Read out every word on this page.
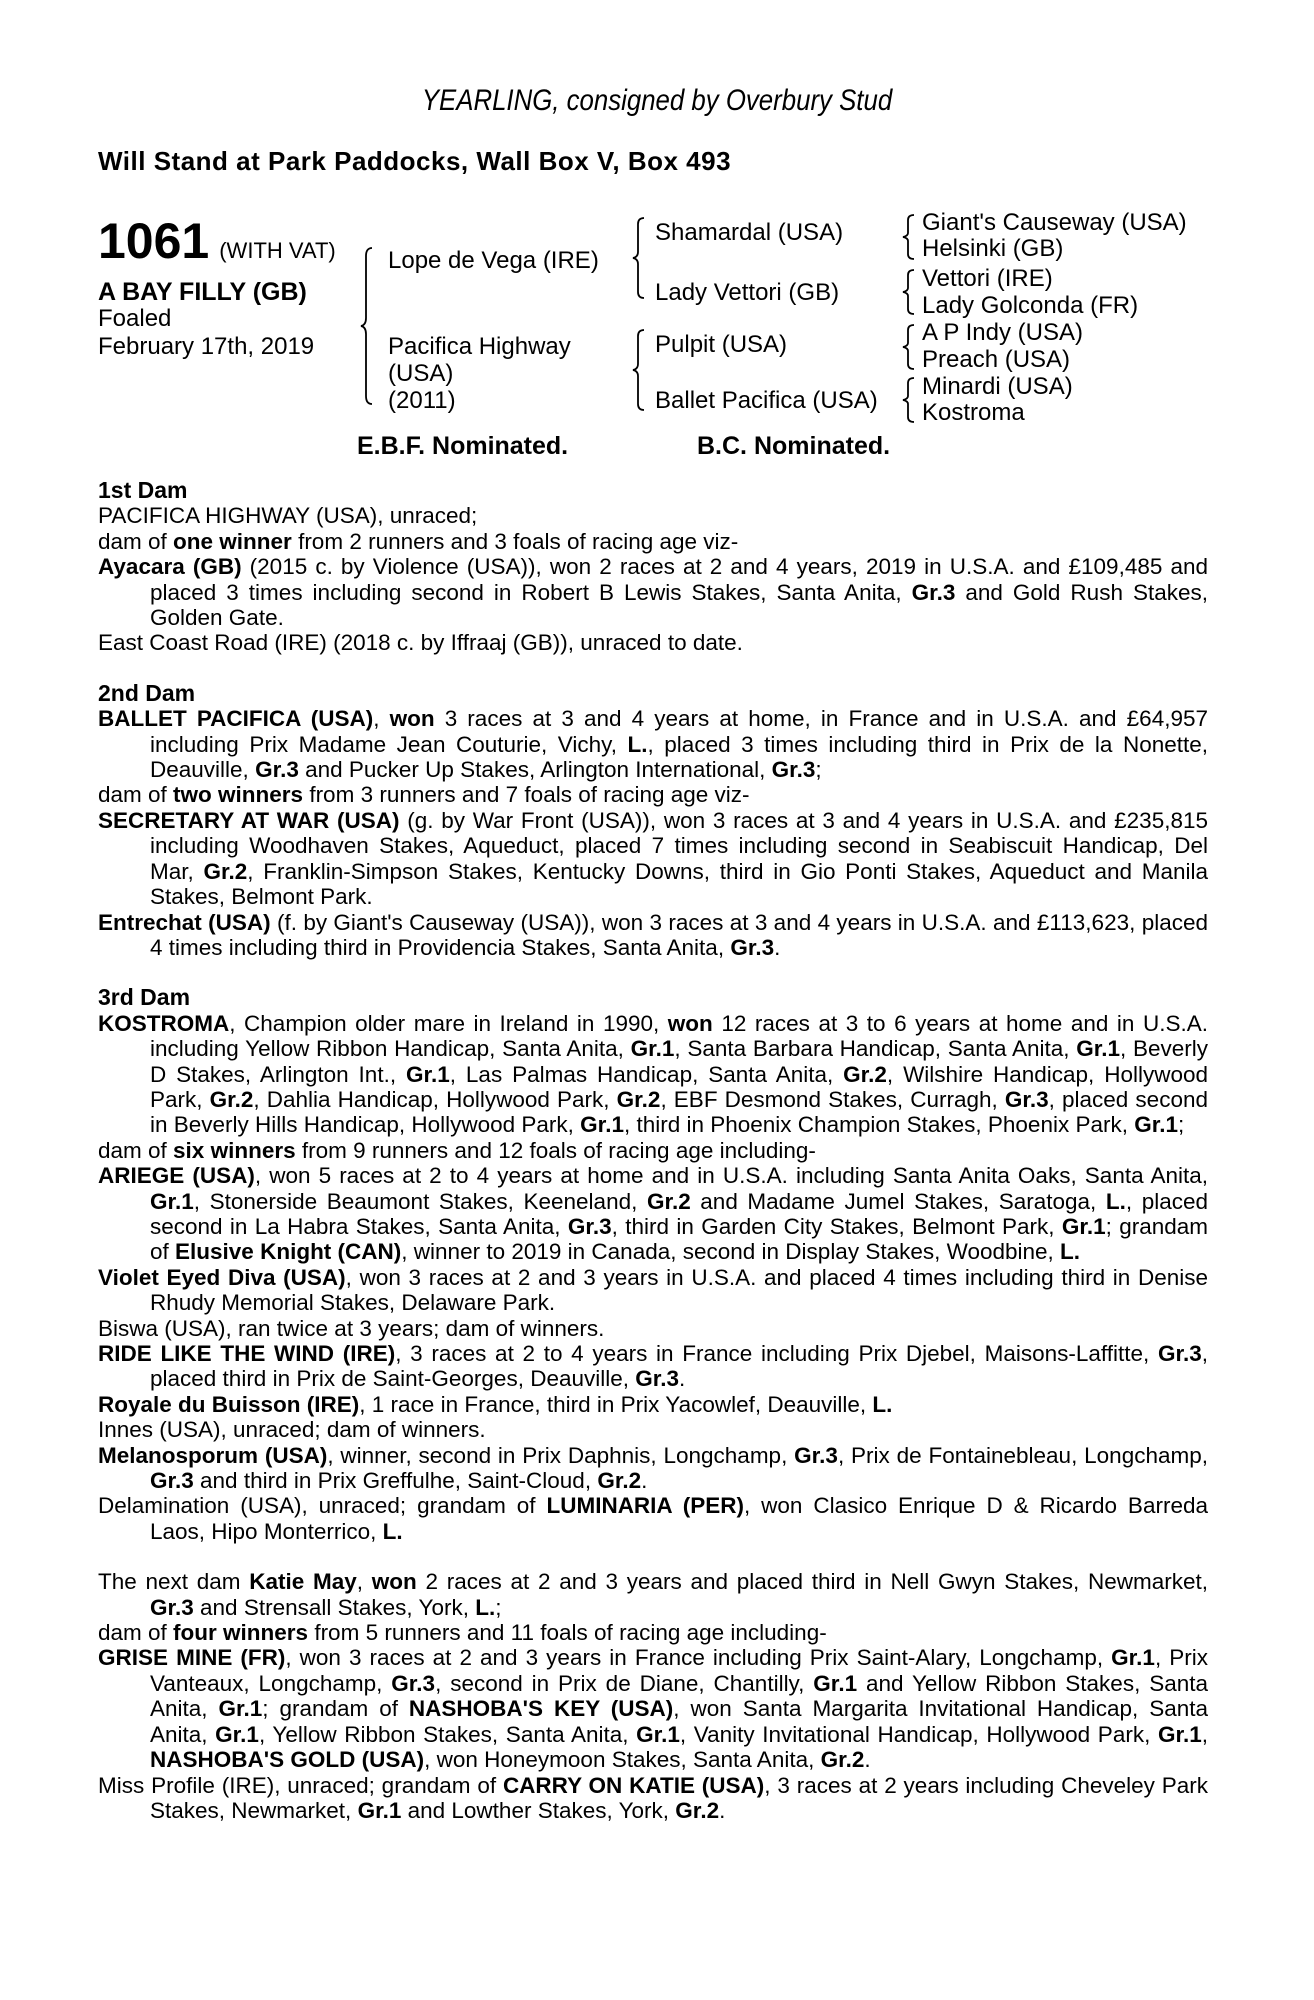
YEARLING, consigned by Overbury Stud
Will Stand at Park Paddocks, Wall Box V, Box 493
1061 (WITH VAT)
A BAY FILLY (GB)
Foaled
February 17th, 2019
Lope de Vega (IRE)
Pacifica Highway
(USA)
(2011)
E.B.F. Nominated.
Shamardal (USA)
Lady Vettori (GB)
Pulpit (USA)
Ballet Pacifica (USA)
B.C. Nominated.
Giant's Causeway (USA)
Helsinki (GB)
Vettori (IRE)
Lady Golconda (FR)
A P Indy (USA)
Preach (USA)
Minardi (USA)
Kostroma
1st Dam

PACIFICA HIGHWAY (USA), unraced;

dam of one winner from 2 runners and 3 foals of racing age viz-

Ayacara (GB) (2015 c. by Violence (USA)), won 2 races at 2 and 4 years, 2019 in U.S.A. and £109,485 and placed 3 times including second in Robert B Lewis Stakes, Santa Anita, Gr.3 and Gold Rush Stakes, Golden Gate.

East Coast Road (IRE) (2018 c. by Iffraaj (GB)), unraced to date.

2nd Dam

BALLET PACIFICA (USA), won 3 races at 3 and 4 years at home, in France and in U.S.A. and £64,957 including Prix Madame Jean Couturie, Vichy, L., placed 3 times including third in Prix de la Nonette, Deauville, Gr.3 and Pucker Up Stakes, Arlington International, Gr.3;

dam of two winners from 3 runners and 7 foals of racing age viz-

SECRETARY AT WAR (USA) (g. by War Front (USA)), won 3 races at 3 and 4 years in U.S.A. and £235,815 including Woodhaven Stakes, Aqueduct, placed 7 times including second in Seabiscuit Handicap, Del Mar, Gr.2, Franklin-Simpson Stakes, Kentucky Downs, third in Gio Ponti Stakes, Aqueduct and Manila Stakes, Belmont Park.

Entrechat (USA) (f. by Giant's Causeway (USA)), won 3 races at 3 and 4 years in U.S.A. and £113,623, placed 4 times including third in Providencia Stakes, Santa Anita, Gr.3.

3rd Dam

KOSTROMA, Champion older mare in Ireland in 1990, won 12 races at 3 to 6 years at home and in U.S.A. including Yellow Ribbon Handicap, Santa Anita, Gr.1, Santa Barbara Handicap, Santa Anita, Gr.1, Beverly D Stakes, Arlington Int., Gr.1, Las Palmas Handicap, Santa Anita, Gr.2, Wilshire Handicap, Hollywood Park, Gr.2, Dahlia Handicap, Hollywood Park, Gr.2, EBF Desmond Stakes, Curragh, Gr.3, placed second in Beverly Hills Handicap, Hollywood Park, Gr.1, third in Phoenix Champion Stakes, Phoenix Park, Gr.1;

dam of six winners from 9 runners and 12 foals of racing age including-

ARIEGE (USA), won 5 races at 2 to 4 years at home and in U.S.A. including Santa Anita Oaks, Santa Anita, Gr.1, Stonerside Beaumont Stakes, Keeneland, Gr.2 and Madame Jumel Stakes, Saratoga, L., placed second in La Habra Stakes, Santa Anita, Gr.3, third in Garden City Stakes, Belmont Park, Gr.1; grandam of Elusive Knight (CAN), winner to 2019 in Canada, second in Display Stakes, Woodbine, L.

Violet Eyed Diva (USA), won 3 races at 2 and 3 years in U.S.A. and placed 4 times including third in Denise Rhudy Memorial Stakes, Delaware Park.

Biswa (USA), ran twice at 3 years; dam of winners.

RIDE LIKE THE WIND (IRE), 3 races at 2 to 4 years in France including Prix Djebel, Maisons-Laffitte, Gr.3, placed third in Prix de Saint-Georges, Deauville, Gr.3.

Royale du Buisson (IRE), 1 race in France, third in Prix Yacowlef, Deauville, L.

Innes (USA), unraced; dam of winners.

Melanosporum (USA), winner, second in Prix Daphnis, Longchamp, Gr.3, Prix de Fontainebleau, Longchamp, Gr.3 and third in Prix Greffulhe, Saint-Cloud, Gr.2.

Delamination (USA), unraced; grandam of LUMINARIA (PER), won Clasico Enrique D & Ricardo Barreda Laos, Hipo Monterrico, L.

The next dam Katie May, won 2 races at 2 and 3 years and placed third in Nell Gwyn Stakes, Newmarket, Gr.3 and Strensall Stakes, York, L.;

dam of four winners from 5 runners and 11 foals of racing age including-

GRISE MINE (FR), won 3 races at 2 and 3 years in France including Prix Saint-Alary, Longchamp, Gr.1, Prix Vanteaux, Longchamp, Gr.3, second in Prix de Diane, Chantilly, Gr.1 and Yellow Ribbon Stakes, Santa Anita, Gr.1; grandam of NASHOBA'S KEY (USA), won Santa Margarita Invitational Handicap, Santa Anita, Gr.1, Yellow Ribbon Stakes, Santa Anita, Gr.1, Vanity Invitational Handicap, Hollywood Park, Gr.1, NASHOBA'S GOLD (USA), won Honeymoon Stakes, Santa Anita, Gr.2.

Miss Profile (IRE), unraced; grandam of CARRY ON KATIE (USA), 3 races at 2 years including Cheveley Park Stakes, Newmarket, Gr.1 and Lowther Stakes, York, Gr.2.
